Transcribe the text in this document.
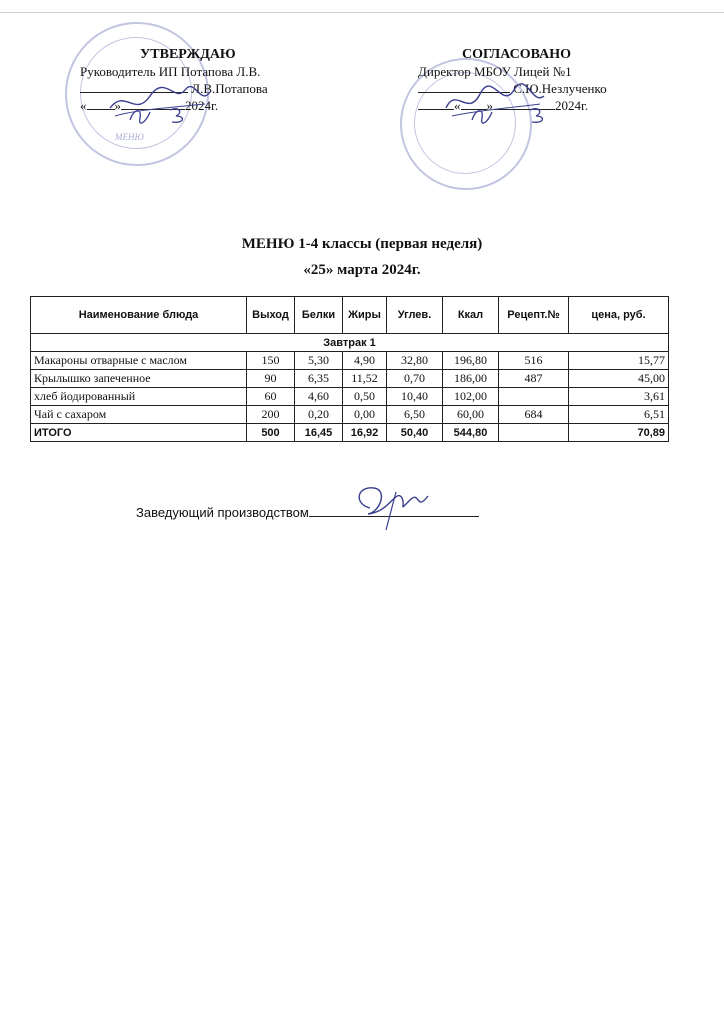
МЕНЮ
УТВЕРЖДАЮ
Руководитель ИП Потапова Л.В.
Л.В.Потапова
« »	2024г.
СОГЛАСОВАНО
Директор МБОУ Лицей №1
С.Ю.Незлученко
« »	2024г.
МЕНЮ 1-4 классы (первая неделя)
«25» марта 2024г.
Наименование блюда	Выход	Белки	Жиры	Углев.	Ккал	Рецепт.№	цена, руб.
Завтрак 1							
Макароны отварные с маслом	150	5,30	4,90	32,80	196,80	516	15,77
Крылышко запеченное	90	6,35	11,52	0,70	186,00	487	45,00
хлеб йодированный	60	4,60	0,50	10,40	102,00		3,61
Чай с сахаром	200	0,20	0,00	6,50	60,00	684	6,51
ИТОГО	500	16,45	16,92	50,40	544,80		70,89
Заведующий производством
